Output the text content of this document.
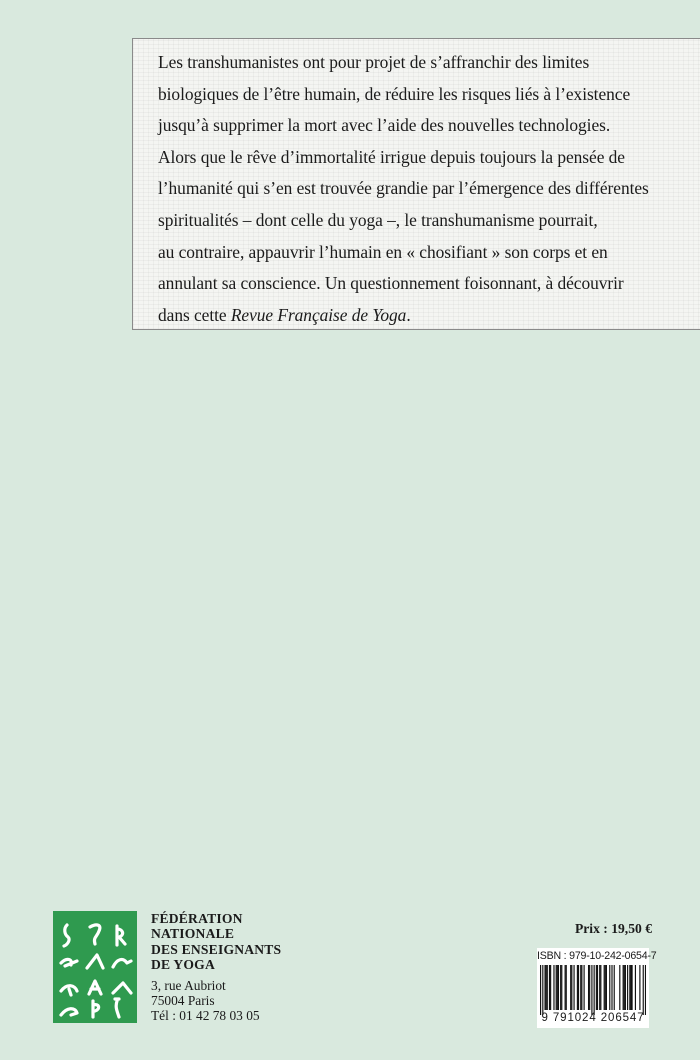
Les transhumanistes ont pour projet de s’affranchir des limites
biologiques de l’être humain, de réduire les risques liés à l’existence
jusqu’à supprimer la mort avec l’aide des nouvelles technologies.
Alors que le rêve d’immortalité irrigue depuis toujours la pensée de
l’humanité qui s’en est trouvée grandie par l’émergence des différentes
spiritualités – dont celle du yoga –, le transhumanisme pourrait,
au contraire, appauvrir l’humain en « chosifiant » son corps et en
annulant sa conscience. Un questionnement foisonnant, à découvrir
dans cette Revue Française de Yoga.

FÉDÉRATION

NATIONALE

DES ENSEIGNANTS

DE YOGA

3, rue Aubriot
75004 Paris
Tél : 01 42 78 03 05
Prix : 19,50 €
ISBN : 979-10-242-0654-7
9 791024 206547
